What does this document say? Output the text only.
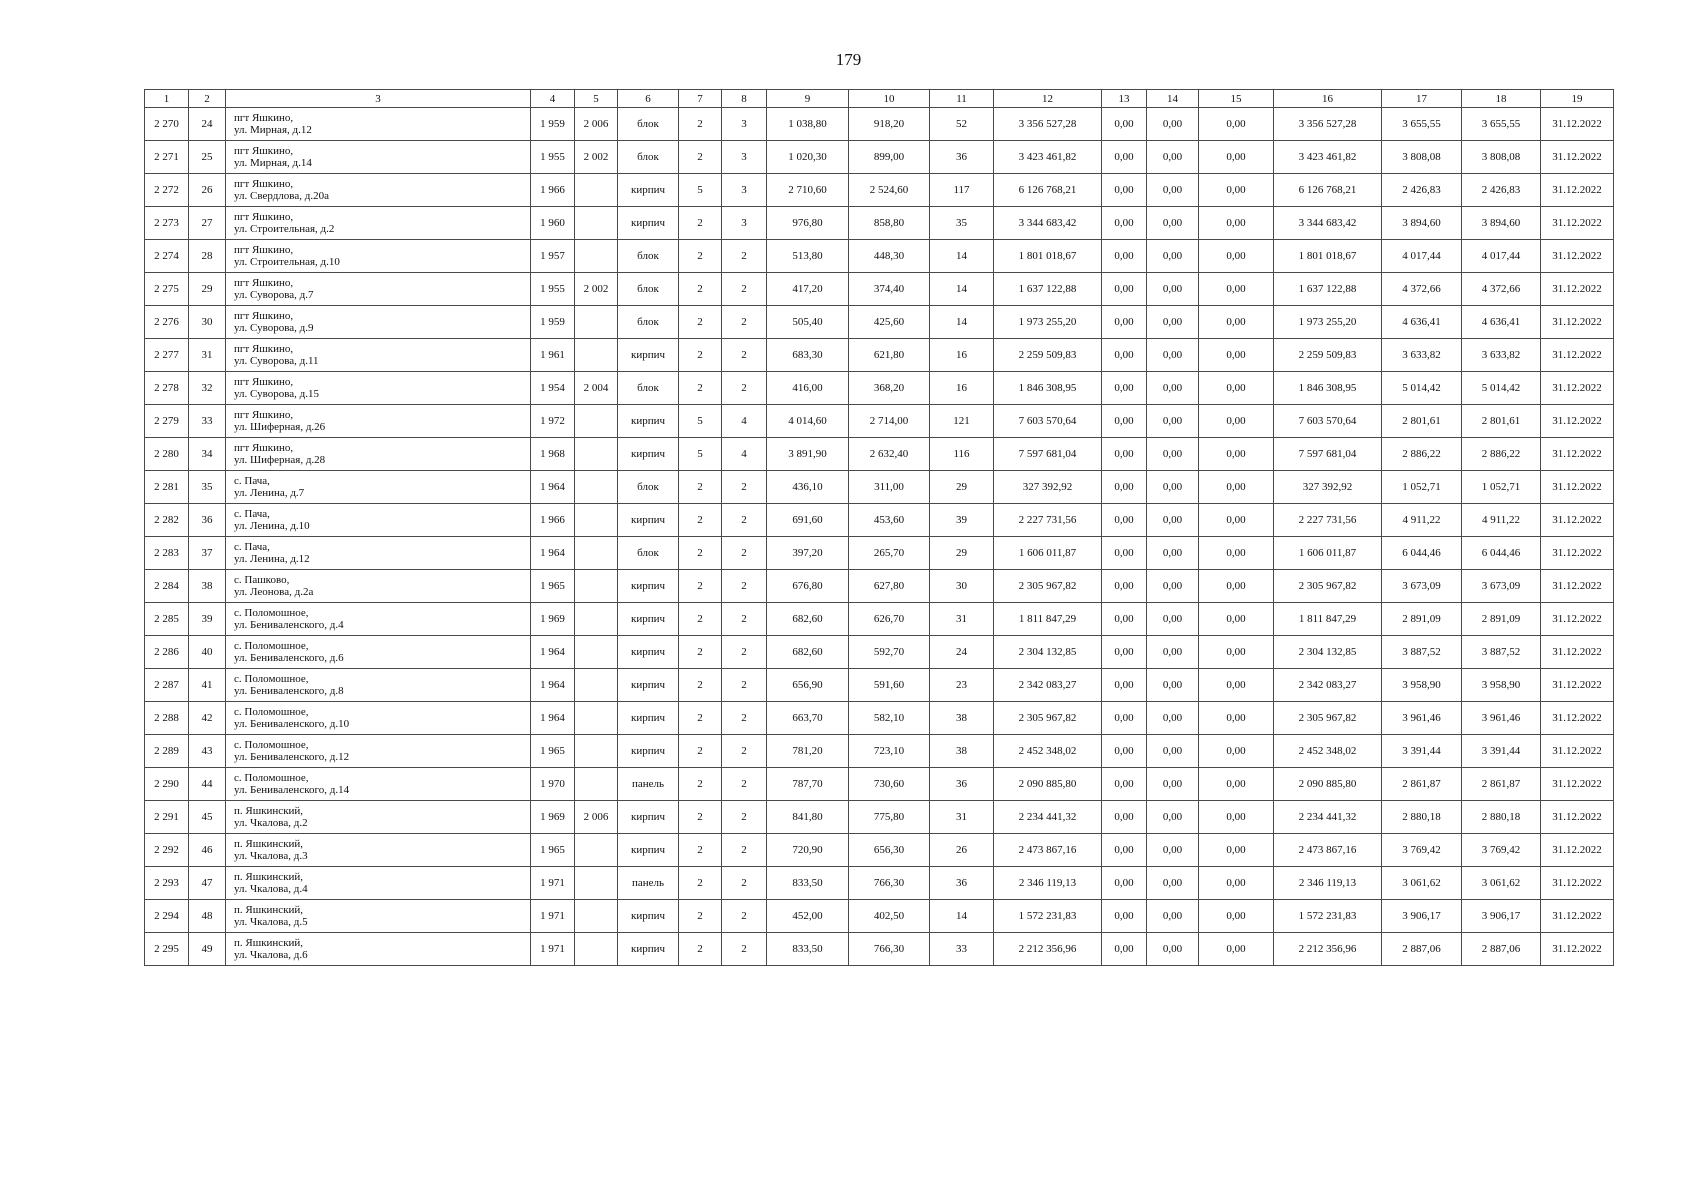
179
1	2	3	4	5	6	7	8	9	10	11	12	13	14	15	16	17	18	19
2 270	24	пгт Яшкино,
ул. Мирная, д.12	1 959	2 006	блок	2	3	1 038,80	918,20	52	3 356 527,28	0,00	0,00	0,00	3 356 527,28	3 655,55	3 655,55	31.12.2022
2 271	25	пгт Яшкино,
ул. Мирная, д.14	1 955	2 002	блок	2	3	1 020,30	899,00	36	3 423 461,82	0,00	0,00	0,00	3 423 461,82	3 808,08	3 808,08	31.12.2022
2 272	26	пгт Яшкино,
ул. Свердлова, д.20а	1 966		кирпич	5	3	2 710,60	2 524,60	117	6 126 768,21	0,00	0,00	0,00	6 126 768,21	2 426,83	2 426,83	31.12.2022
2 273	27	пгт Яшкино,
ул. Строительная, д.2	1 960		кирпич	2	3	976,80	858,80	35	3 344 683,42	0,00	0,00	0,00	3 344 683,42	3 894,60	3 894,60	31.12.2022
2 274	28	пгт Яшкино,
ул. Строительная, д.10	1 957		блок	2	2	513,80	448,30	14	1 801 018,67	0,00	0,00	0,00	1 801 018,67	4 017,44	4 017,44	31.12.2022
2 275	29	пгт Яшкино,
ул. Суворова, д.7	1 955	2 002	блок	2	2	417,20	374,40	14	1 637 122,88	0,00	0,00	0,00	1 637 122,88	4 372,66	4 372,66	31.12.2022
2 276	30	пгт Яшкино,
ул. Суворова, д.9	1 959		блок	2	2	505,40	425,60	14	1 973 255,20	0,00	0,00	0,00	1 973 255,20	4 636,41	4 636,41	31.12.2022
2 277	31	пгт Яшкино,
ул. Суворова, д.11	1 961		кирпич	2	2	683,30	621,80	16	2 259 509,83	0,00	0,00	0,00	2 259 509,83	3 633,82	3 633,82	31.12.2022
2 278	32	пгт Яшкино,
ул. Суворова, д.15	1 954	2 004	блок	2	2	416,00	368,20	16	1 846 308,95	0,00	0,00	0,00	1 846 308,95	5 014,42	5 014,42	31.12.2022
2 279	33	пгт Яшкино,
ул. Шиферная, д.26	1 972		кирпич	5	4	4 014,60	2 714,00	121	7 603 570,64	0,00	0,00	0,00	7 603 570,64	2 801,61	2 801,61	31.12.2022
2 280	34	пгт Яшкино,
ул. Шиферная, д.28	1 968		кирпич	5	4	3 891,90	2 632,40	116	7 597 681,04	0,00	0,00	0,00	7 597 681,04	2 886,22	2 886,22	31.12.2022
2 281	35	с. Пача,
ул. Ленина, д.7	1 964		блок	2	2	436,10	311,00	29	327 392,92	0,00	0,00	0,00	327 392,92	1 052,71	1 052,71	31.12.2022
2 282	36	с. Пача,
ул. Ленина, д.10	1 966		кирпич	2	2	691,60	453,60	39	2 227 731,56	0,00	0,00	0,00	2 227 731,56	4 911,22	4 911,22	31.12.2022
2 283	37	с. Пача,
ул. Ленина, д.12	1 964		блок	2	2	397,20	265,70	29	1 606 011,87	0,00	0,00	0,00	1 606 011,87	6 044,46	6 044,46	31.12.2022
2 284	38	с. Пашково,
ул. Леонова, д.2а	1 965		кирпич	2	2	676,80	627,80	30	2 305 967,82	0,00	0,00	0,00	2 305 967,82	3 673,09	3 673,09	31.12.2022
2 285	39	с. Поломошное,
ул. Бенивaленского, д.4	1 969		кирпич	2	2	682,60	626,70	31	1 811 847,29	0,00	0,00	0,00	1 811 847,29	2 891,09	2 891,09	31.12.2022
2 286	40	с. Поломошное,
ул. Бенивaленского, д.6	1 964		кирпич	2	2	682,60	592,70	24	2 304 132,85	0,00	0,00	0,00	2 304 132,85	3 887,52	3 887,52	31.12.2022
2 287	41	с. Поломошное,
ул. Бенивaленского, д.8	1 964		кирпич	2	2	656,90	591,60	23	2 342 083,27	0,00	0,00	0,00	2 342 083,27	3 958,90	3 958,90	31.12.2022
2 288	42	с. Поломошное,
ул. Бенивaленского, д.10	1 964		кирпич	2	2	663,70	582,10	38	2 305 967,82	0,00	0,00	0,00	2 305 967,82	3 961,46	3 961,46	31.12.2022
2 289	43	с. Поломошное,
ул. Бенивaленского, д.12	1 965		кирпич	2	2	781,20	723,10	38	2 452 348,02	0,00	0,00	0,00	2 452 348,02	3 391,44	3 391,44	31.12.2022
2 290	44	с. Поломошное,
ул. Бенивaленского, д.14	1 970		панель	2	2	787,70	730,60	36	2 090 885,80	0,00	0,00	0,00	2 090 885,80	2 861,87	2 861,87	31.12.2022
2 291	45	п. Яшкинский,
ул. Чкалова, д.2	1 969	2 006	кирпич	2	2	841,80	775,80	31	2 234 441,32	0,00	0,00	0,00	2 234 441,32	2 880,18	2 880,18	31.12.2022
2 292	46	п. Яшкинский,
ул. Чкалова, д.3	1 965		кирпич	2	2	720,90	656,30	26	2 473 867,16	0,00	0,00	0,00	2 473 867,16	3 769,42	3 769,42	31.12.2022
2 293	47	п. Яшкинский,
ул. Чкалова, д.4	1 971		панель	2	2	833,50	766,30	36	2 346 119,13	0,00	0,00	0,00	2 346 119,13	3 061,62	3 061,62	31.12.2022
2 294	48	п. Яшкинский,
ул. Чкалова, д.5	1 971		кирпич	2	2	452,00	402,50	14	1 572 231,83	0,00	0,00	0,00	1 572 231,83	3 906,17	3 906,17	31.12.2022
2 295	49	п. Яшкинский,
ул. Чкалова, д.6	1 971		кирпич	2	2	833,50	766,30	33	2 212 356,96	0,00	0,00	0,00	2 212 356,96	2 887,06	2 887,06	31.12.2022
